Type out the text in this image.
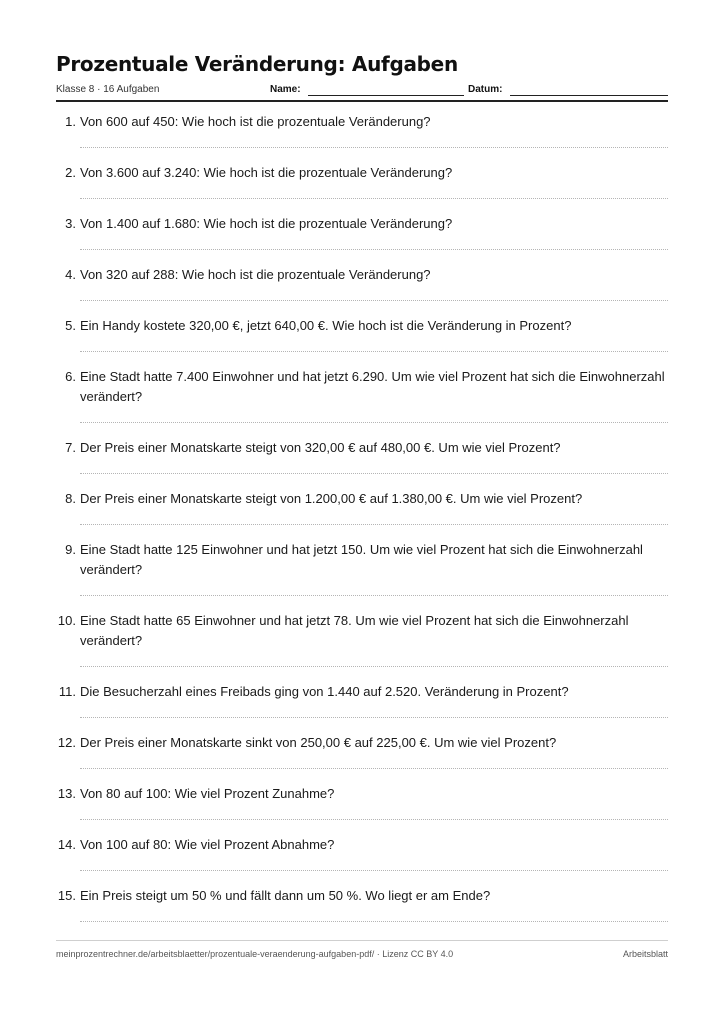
Prozentuale Veränderung: Aufgaben
Klasse 8 · 16 Aufgaben	Name:	Datum:
1. Von 600 auf 450: Wie hoch ist die prozentuale Veränderung?
2. Von 3.600 auf 3.240: Wie hoch ist die prozentuale Veränderung?
3. Von 1.400 auf 1.680: Wie hoch ist die prozentuale Veränderung?
4. Von 320 auf 288: Wie hoch ist die prozentuale Veränderung?
5. Ein Handy kostete 320,00 €, jetzt 640,00 €. Wie hoch ist die Veränderung in Prozent?
6. Eine Stadt hatte 7.400 Einwohner und hat jetzt 6.290. Um wie viel Prozent hat sich die Einwohnerzahl verändert?
7. Der Preis einer Monatskarte steigt von 320,00 € auf 480,00 €. Um wie viel Prozent?
8. Der Preis einer Monatskarte steigt von 1.200,00 € auf 1.380,00 €. Um wie viel Prozent?
9. Eine Stadt hatte 125 Einwohner und hat jetzt 150. Um wie viel Prozent hat sich die Einwohnerzahl verändert?
10. Eine Stadt hatte 65 Einwohner und hat jetzt 78. Um wie viel Prozent hat sich die Einwohnerzahl verändert?
11. Die Besucherzahl eines Freibads ging von 1.440 auf 2.520. Veränderung in Prozent?
12. Der Preis einer Monatskarte sinkt von 250,00 € auf 225,00 €. Um wie viel Prozent?
13. Von 80 auf 100: Wie viel Prozent Zunahme?
14. Von 100 auf 80: Wie viel Prozent Abnahme?
15. Ein Preis steigt um 50 % und fällt dann um 50 %. Wo liegt er am Ende?
meinprozentrechner.de/arbeitsblaetter/prozentuale-veraenderung-aufgaben-pdf/ · Lizenz CC BY 4.0	Arbeitsblatt
